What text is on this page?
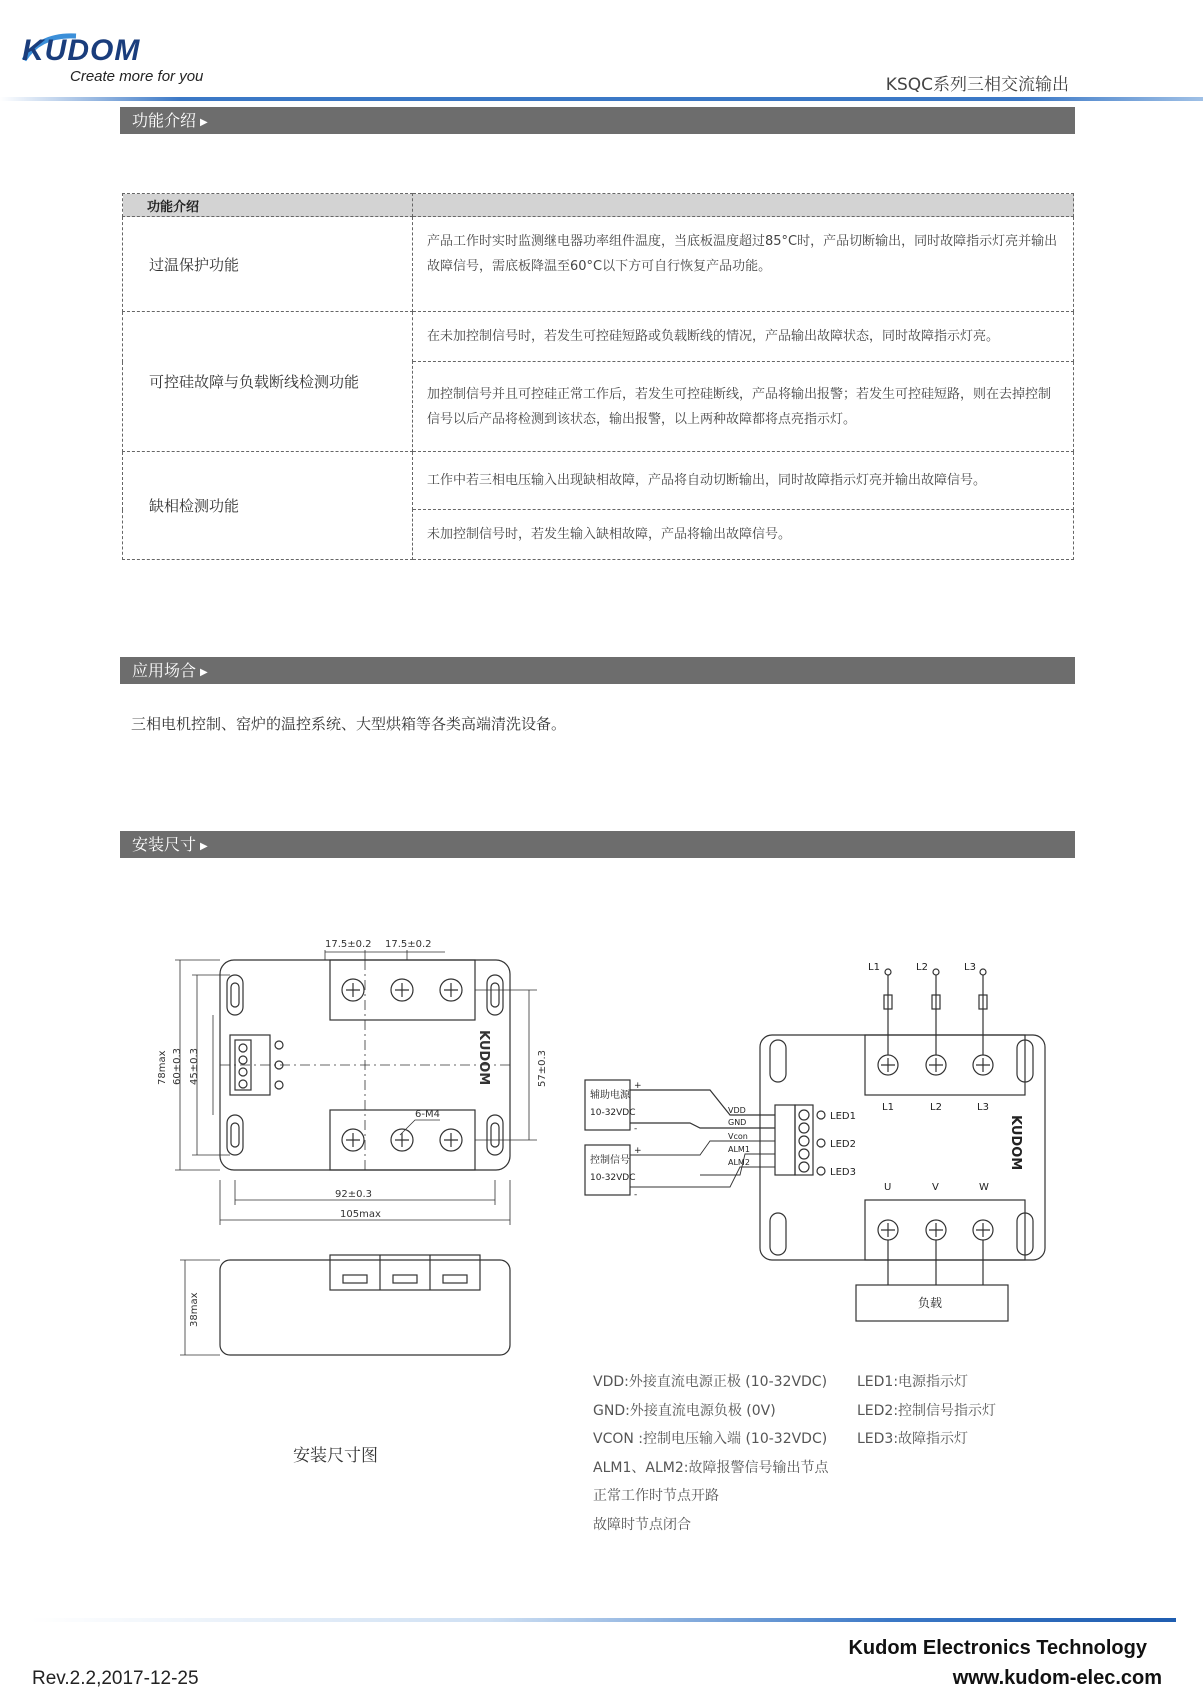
KUDOM
Create more for you	KSQC系列三相交流输出
功能介绍 ▶
功能介绍	
过温保护功能	产品工作时实时监测继电器功率组件温度，当底板温度超过85°C时，产品切断输出，同时故障指示灯亮并输出故障信号，需底板降温至60°C以下方可自行恢复产品功能。
可控硅故障与负载断线检测功能	在未加控制信号时，若发生可控硅短路或负载断线的情况，产品输出故障状态，同时故障指示灯亮。
	加控制信号并且可控硅正常工作后，若发生可控硅断线，产品将输出报警；若发生可控硅短路，则在去掉控制信号以后产品将检测到该状态，输出报警，以上两种故障都将点亮指示灯。
缺相检测功能	工作中若三相电压输入出现缺相故障，产品将自动切断输出，同时故障指示灯亮并输出故障信号。
	未加控制信号时，若发生输入缺相故障，产品将输出故障信号。
应用场合 ▶
三相电机控制、窑炉的温控系统、大型烘箱等各类高端清洗设备。
安装尺寸 ▶
17.5±0.2 17.5±0.2
6-M4
92±0.3
105max
78max 60±0.3 45±0.3	57±0.3
38max
KUDOM
安装尺寸图
L1	L2	L3
L1	L2	L3
U	V	W
辅助电源
10-32VDC
控制信号
10-32VDC
+
-
+
-
VDD
GND
Vcon
ALM1
ALM2
LED1
LED2
LED3
负载
KUDOM
VDD:外接直流电源正极 (10-32VDC)
GND:外接直流电源负极 (0V)
VCON :控制电压输入端 (10-32VDC)
ALM1、ALM2:故障报警信号输出节点
正常工作时节点开路
故障时节点闭合
LED1:电源指示灯
LED2:控制信号指示灯
LED3:故障指示灯
Kudom Electronics Technology
www.kudom-elec.com
Rev.2.2,2017-12-25
